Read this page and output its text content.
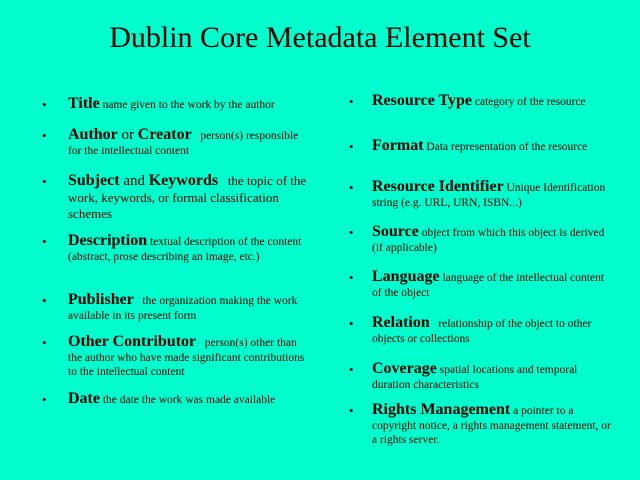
Dublin Core Metadata Element Set
• Title name given to the work by the author
• Author or Creator person(s) responsible for the intellectual content
• Subject and Keywords the topic of the work, keywords, or formal classification schemes
• Description textual description of the content (abstract, prose describing an image, etc.)
• Publisher the organization making the work available in its present form
• Other Contributor person(s) other than the author who have made significant contributions to the intellectual content
• Date the date the work was made available
• Resource Type category of the resource
• Format Data representation of the resource
• Resource Identifier Unique Identification string (e.g. URL, URN, ISBN...)
• Source object from which this object is derived (if applicable)
• Language language of the intellectual content of the object
• Relation relationship of the object to other objects or collections
• Coverage spatial locations and temporal duration characteristics
• Rights Management a pointer to a copyright notice, a rights management statement, or a rights server.
